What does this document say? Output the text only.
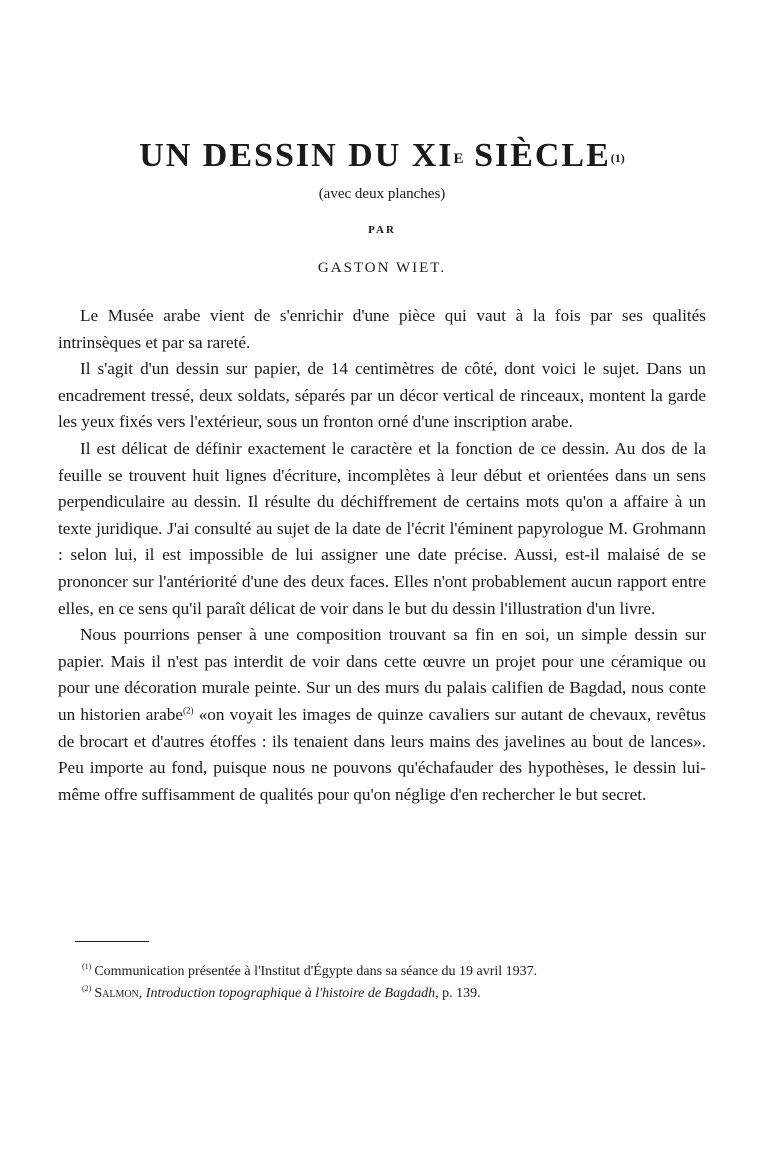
UN DESSIN DU $XI^E$ SIÈCLE$^{(1)}$
(avec deux planches)
PAR
GASTON WIET.

Le Musée arabe vient de s'enrichir d'une pièce qui vaut à la fois par ses qualités intrinsèques et par sa rareté.

Il s'agit d'un dessin sur papier, de 14 centimètres de côté, dont voici le sujet. Dans un encadrement tressé, deux soldats, séparés par un décor vertical de rinceaux, montent la garde les yeux fixés vers l'extérieur, sous un fronton orné d'une inscription arabe.

Il est délicat de définir exactement le caractère et la fonction de ce dessin. Au dos de la feuille se trouvent huit lignes d'écriture, incomplètes à leur début et orientées dans un sens perpendiculaire au dessin. Il résulte du déchiffrement de certains mots qu'on a affaire à un texte juridique. J'ai consulté au sujet de la date de l'écrit l'éminent papyrologue M. Grohmann : selon lui, il est impossible de lui assigner une date précise. Aussi, est-il malaisé de se prononcer sur l'antériorité d'une des deux faces. Elles n'ont probablement aucun rapport entre elles, en ce sens qu'il paraît délicat de voir dans le but du dessin l'illustration d'un livre.

Nous pourrions penser à une composition trouvant sa fin en soi, un simple dessin sur papier. Mais il n'est pas interdit de voir dans cette œuvre un projet pour une céramique ou pour une décoration murale peinte. Sur un des murs du palais califien de Bagdad, nous conte un historien arabe$^{(2)}$ «on voyait les images de quinze cavaliers sur autant de chevaux, revêtus de brocart et d'autres étoffes : ils tenaient dans leurs mains des javelines au bout de lances». Peu importe au fond, puisque nous ne pouvons qu'échafauder des hypothèses, le dessin lui-même offre suffisamment de qualités pour qu'on néglige d'en rechercher le but secret.

$^{(1)}$ Communication présentée à l'Institut d'Égypte dans sa séance du 19 avril 1937.
$^{(2)}$ Salmon, Introduction topographique à l'histoire de Bagdadh, p. 139.
